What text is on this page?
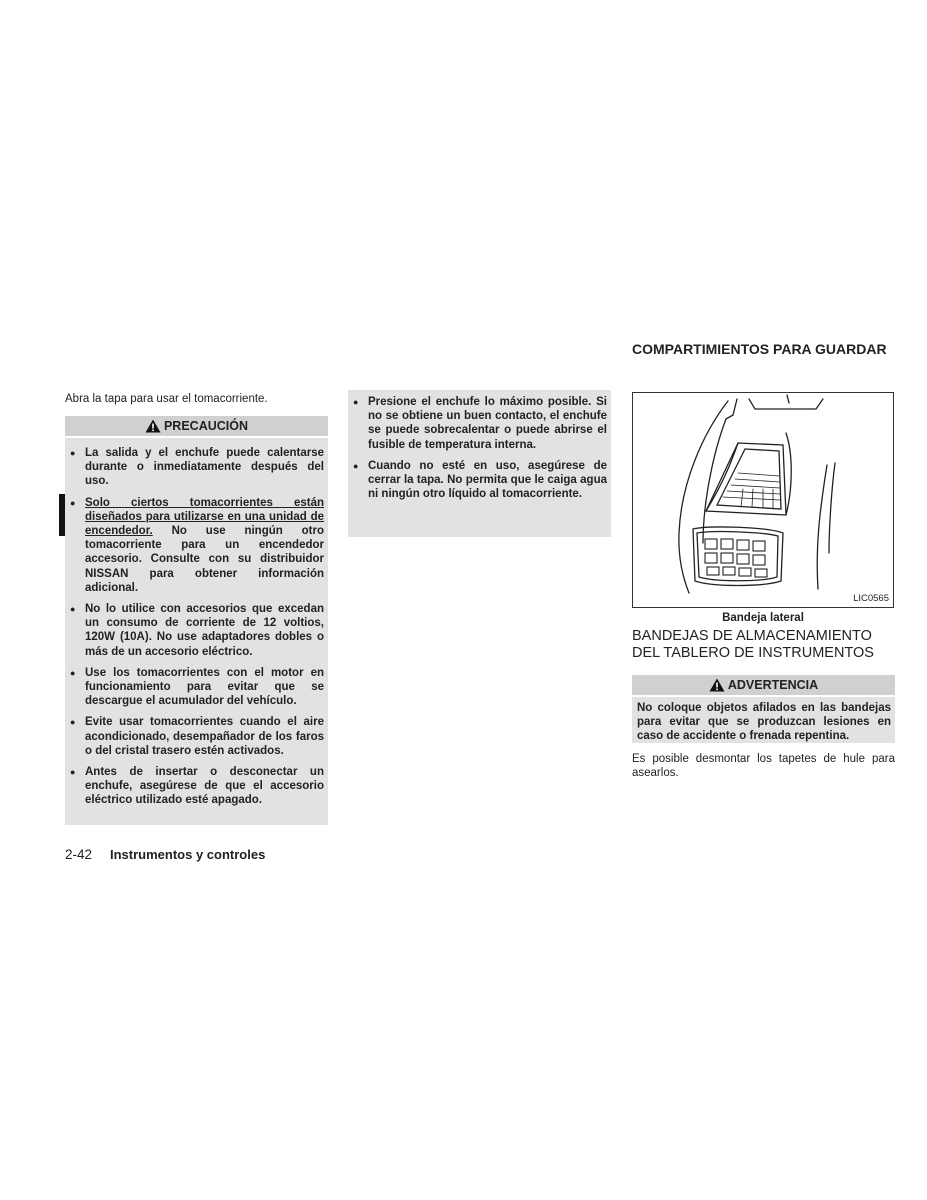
Abra la tapa para usar el tomacorriente.
PRECAUCIÓN
● La salida y el enchufe puede calentarse durante o inmediatamente después del uso.
● Solo ciertos tomacorrientes están diseñados para utilizarse en una unidad de encendedor. No use ningún otro tomacorriente para un encendedor accesorio. Consulte con su distribuidor NISSAN para obtener información adicional.
● No lo utilice con accesorios que excedan un consumo de corriente de 12 voltios, 120W (10A). No use adaptadores dobles o más de un accesorio eléctrico.
● Use los tomacorrientes con el motor en funcionamiento para evitar que se descargue el acumulador del vehículo.
● Evite usar tomacorrientes cuando el aire acondicionado, desempañador de los faros o del cristal trasero estén activados.
● Antes de insertar o desconectar un enchufe, asegúrese de que el accesorio eléctrico utilizado esté apagado.
● Presione el enchufe lo máximo posible. Si no se obtiene un buen contacto, el enchufe se puede sobrecalentar o puede abrirse el fusible de temperatura interna.
● Cuando no esté en uso, asegúrese de cerrar la tapa. No permita que le caiga agua ni ningún otro líquido al tomacorriente.
COMPARTIMIENTOS PARA GUARDAR
LIC0565
Bandeja lateral
BANDEJAS DE ALMACENAMIENTO DEL TABLERO DE INSTRUMENTOS
ADVERTENCIA
No coloque objetos afilados en las bandejas para evitar que se produzcan lesiones en caso de accidente o frenada repentina.
Es posible desmontar los tapetes de hule para asearlos.
2-42 Instrumentos y controles
